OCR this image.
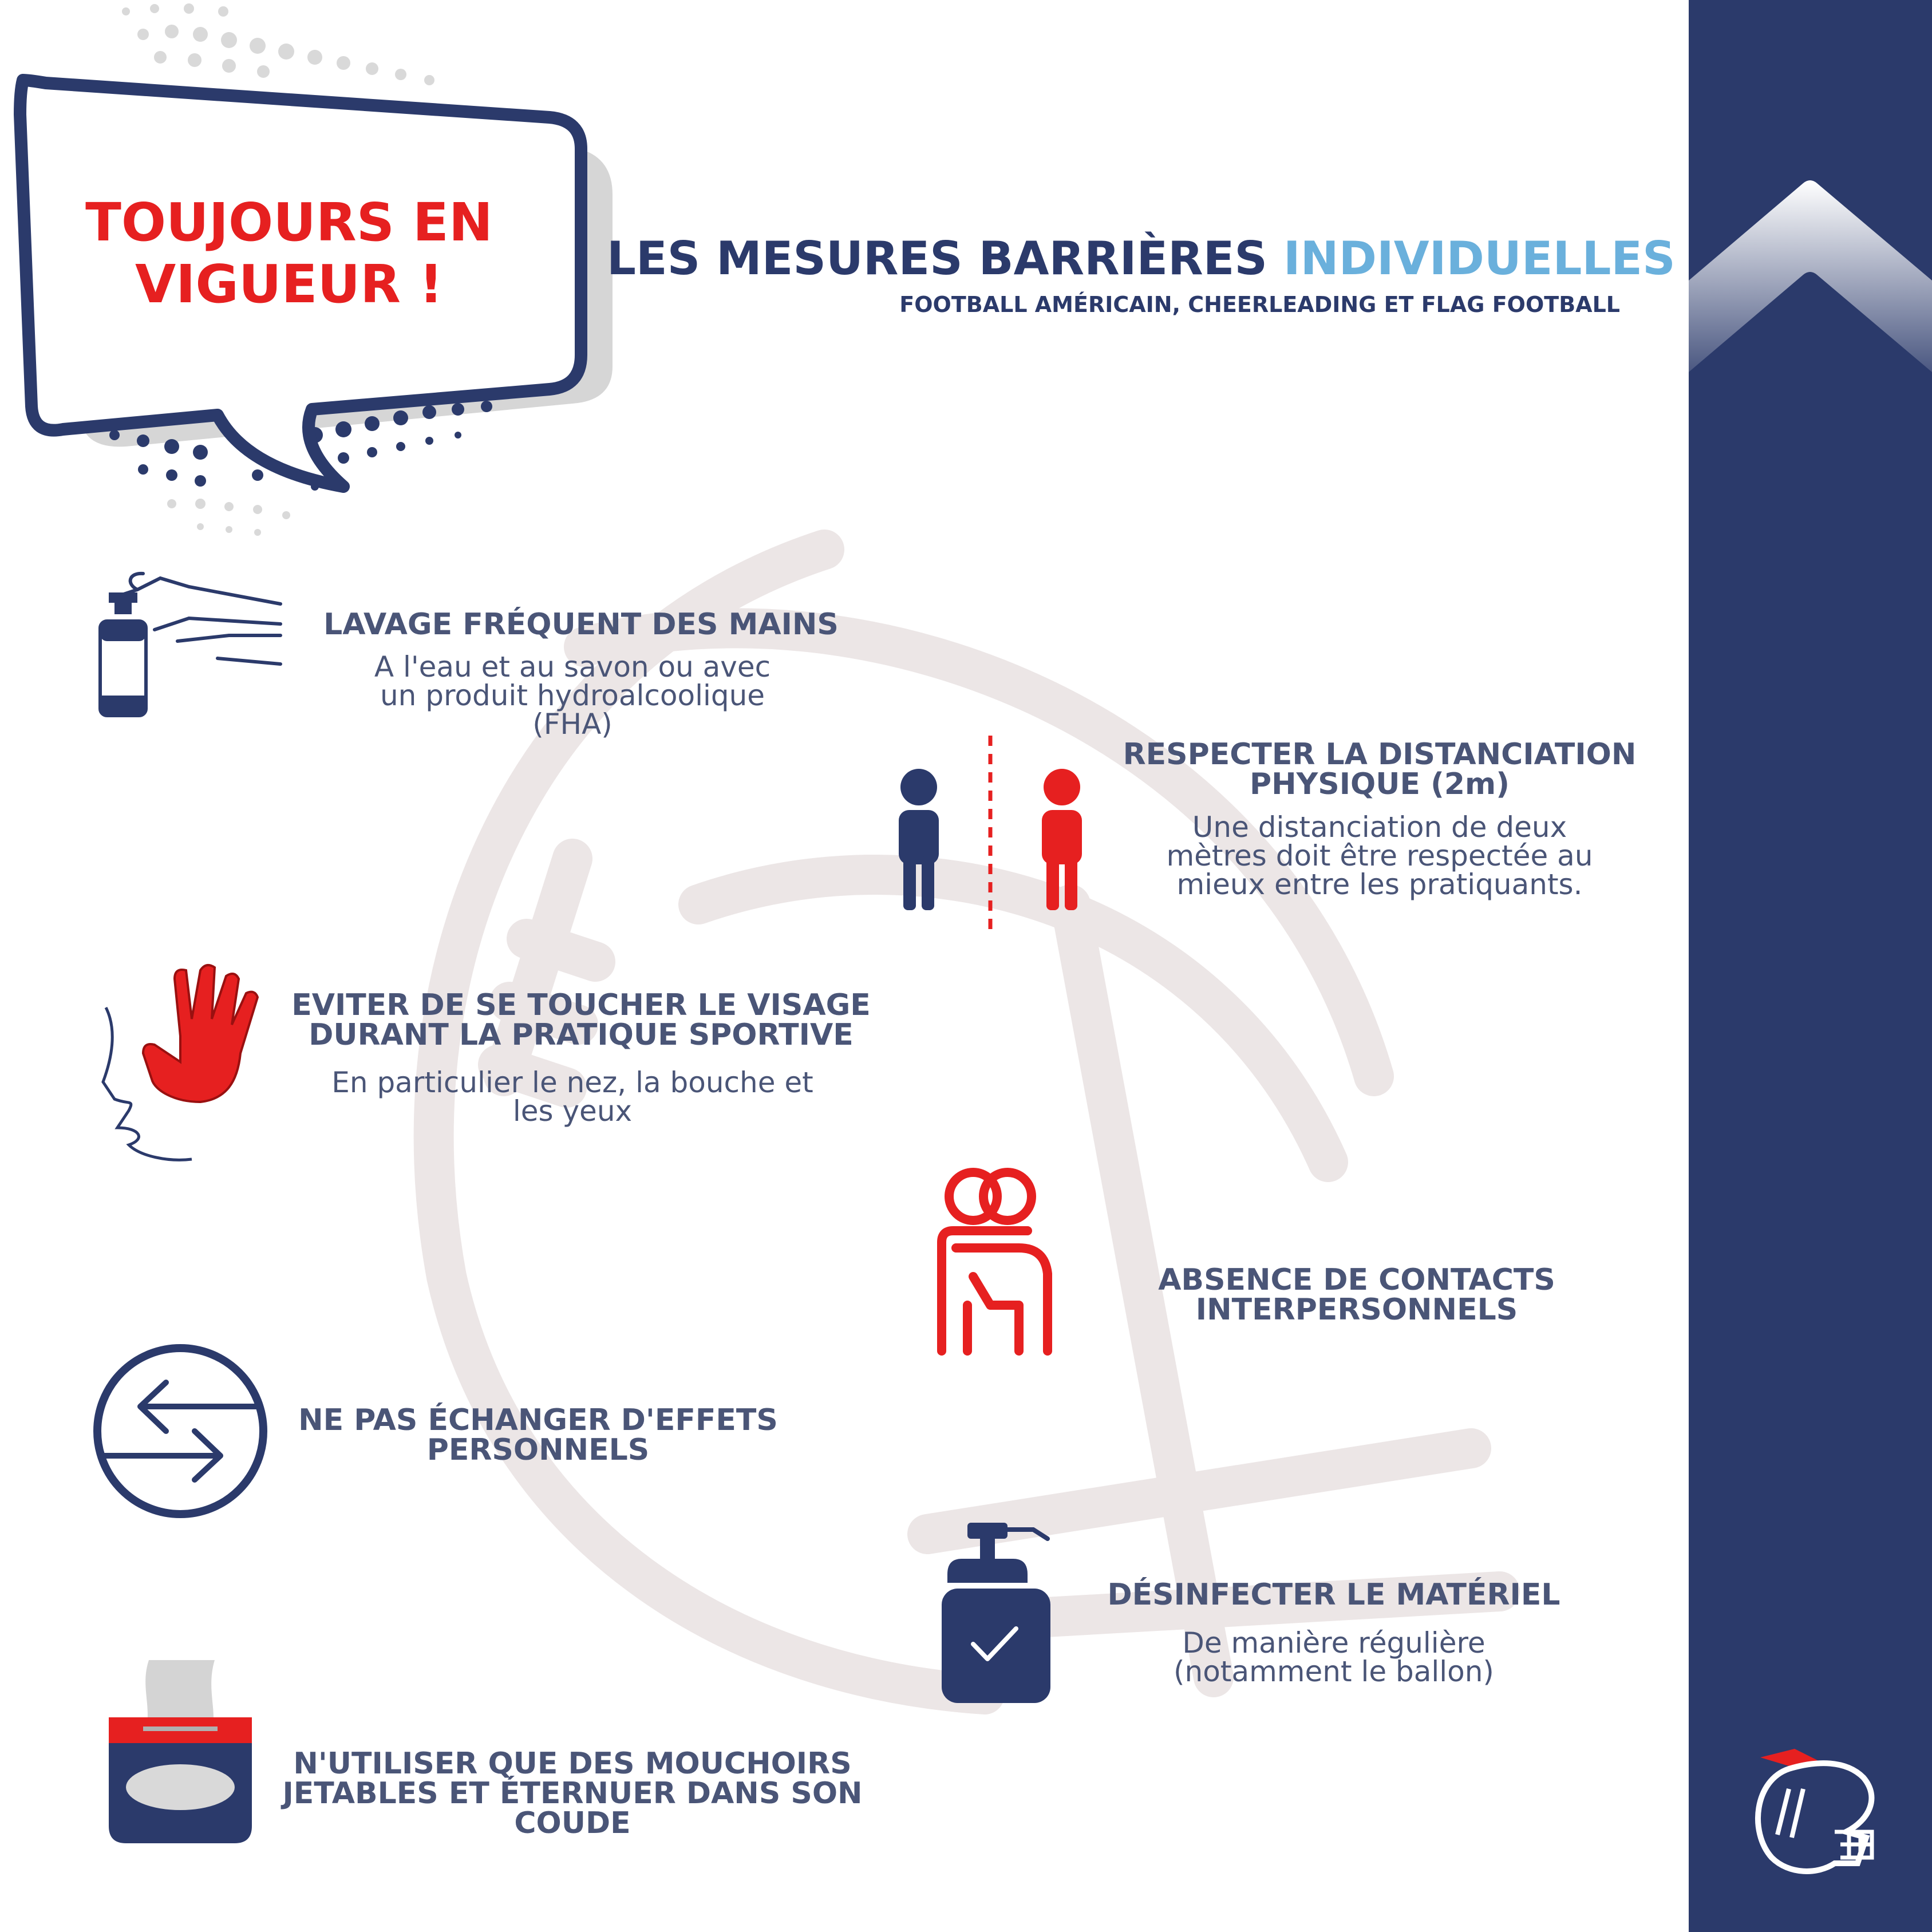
TOUJOURS EN
VIGUEUR !	LES MESURES BARRIÈRES INDIVIDUELLES
FOOTBALL AMÉRICAIN, CHEERLEADING ET FLAG FOOTBALL
LAVAGE FRÉQUENT DES MAINS
A l'eau et au savon ou avec
un produit hydroalcoolique
(FHA)
RESPECTER LA DISTANCIATION
PHYSIQUE (2m)
Une distanciation de deux
mètres doit être respectée au
mieux entre les pratiquants.
EVITER DE SE TOUCHER LE VISAGE
DURANT LA PRATIQUE SPORTIVE
En particulier le nez, la bouche et
les yeux
ABSENCE DE CONTACTS
INTERPERSONNELS
NE PAS ÉCHANGER D'EFFETS
PERSONNELS
DÉSINFECTER LE MATÉRIEL
De manière régulière
(notamment le ballon)
N'UTILISER QUE DES MOUCHOIRS
JETABLES ET ÉTERNUER DANS SON
COUDE
